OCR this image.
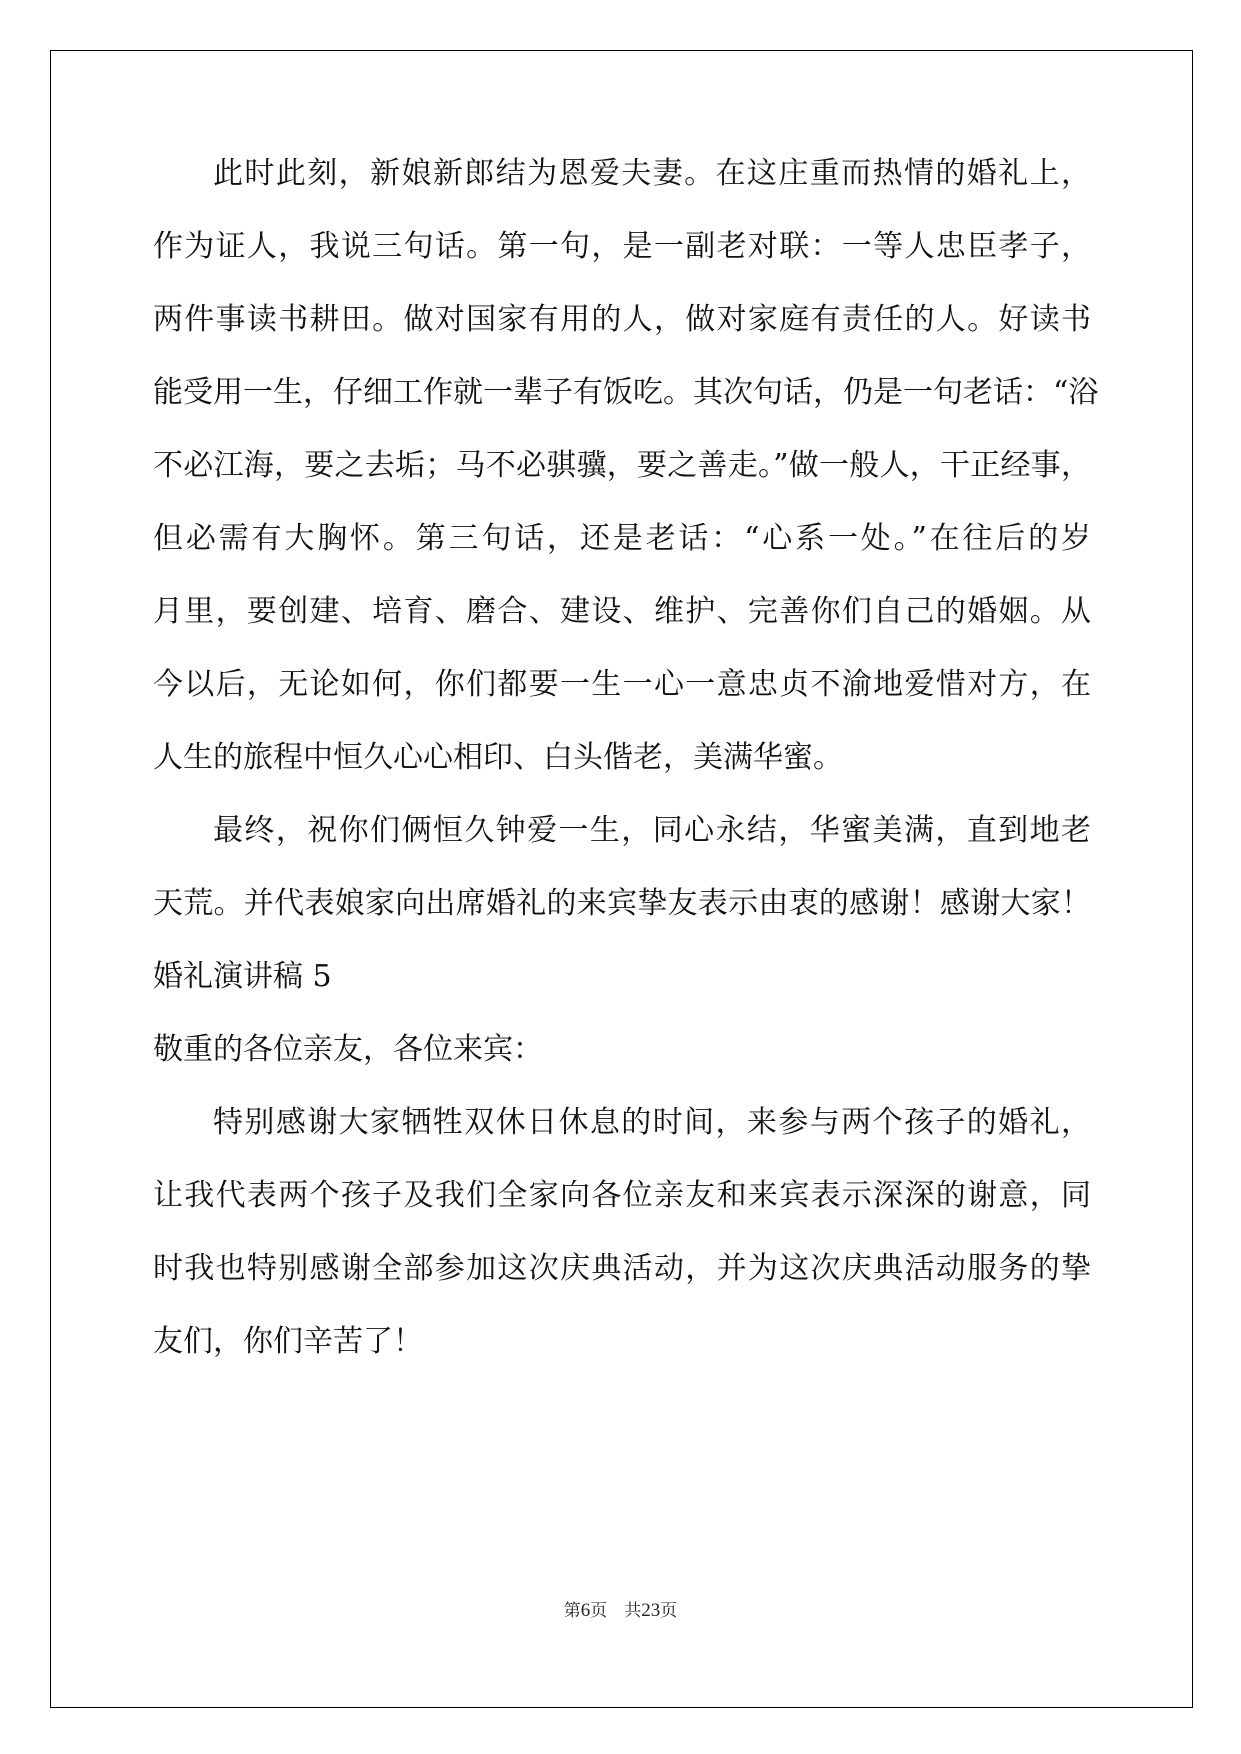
此时此刻，新娘新郎结为恩爱夫妻。在这庄重而热情的婚礼上，

作为证人，我说三句话。第一句，是一副老对联：一等人忠臣孝子，

两件事读书耕田。做对国家有用的人，做对家庭有责任的人。好读书

能受用一生，仔细工作就一辈子有饭吃。其次句话，仍是一句老话：“浴

不必江海，要之去垢；马不必骐骥，要之善走。”做一般人，干正经事，

但必需有大胸怀。第三句话，还是老话：“心系一处。”在往后的岁

月里，要创建、培育、磨合、建设、维护、完善你们自己的婚姻。从

今以后，无论如何，你们都要一生一心一意忠贞不渝地爱惜对方，在

人生的旅程中恒久心心相印、白头偕老，美满华蜜。

最终，祝你们俩恒久钟爱一生，同心永结，华蜜美满，直到地老

天荒。并代表娘家向出席婚礼的来宾挚友表示由衷的感谢！感谢大家！

婚礼演讲稿 5

敬重的各位亲友，各位来宾：

特别感谢大家牺牲双休日休息的时间，来参与两个孩子的婚礼，

让我代表两个孩子及我们全家向各位亲友和来宾表示深深的谢意，同

时我也特别感谢全部参加这次庆典活动，并为这次庆典活动服务的挚

友们，你们辛苦了！

第6页　共23页
